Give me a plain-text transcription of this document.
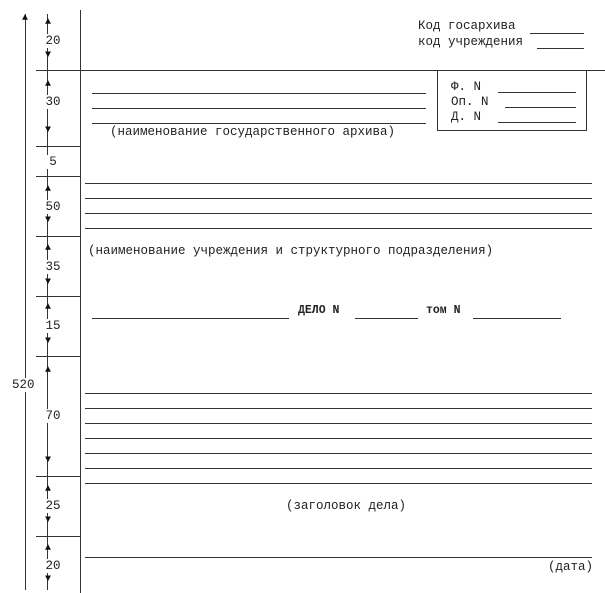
▲
520
▲
20
▼
▲
30
▼
5
▲
50
▼
▲
35
▼
▲
15
▼
▲
70
▼
▲
25
▼
▲
20
▼
Код госархива
код учреждения
Ф. N
Оп. N
Д. N
(наименование государственного архива)
(наименование учреждения и структурного подразделения)
ДЕЛО N	том N
(заголовок дела)
(дата)
